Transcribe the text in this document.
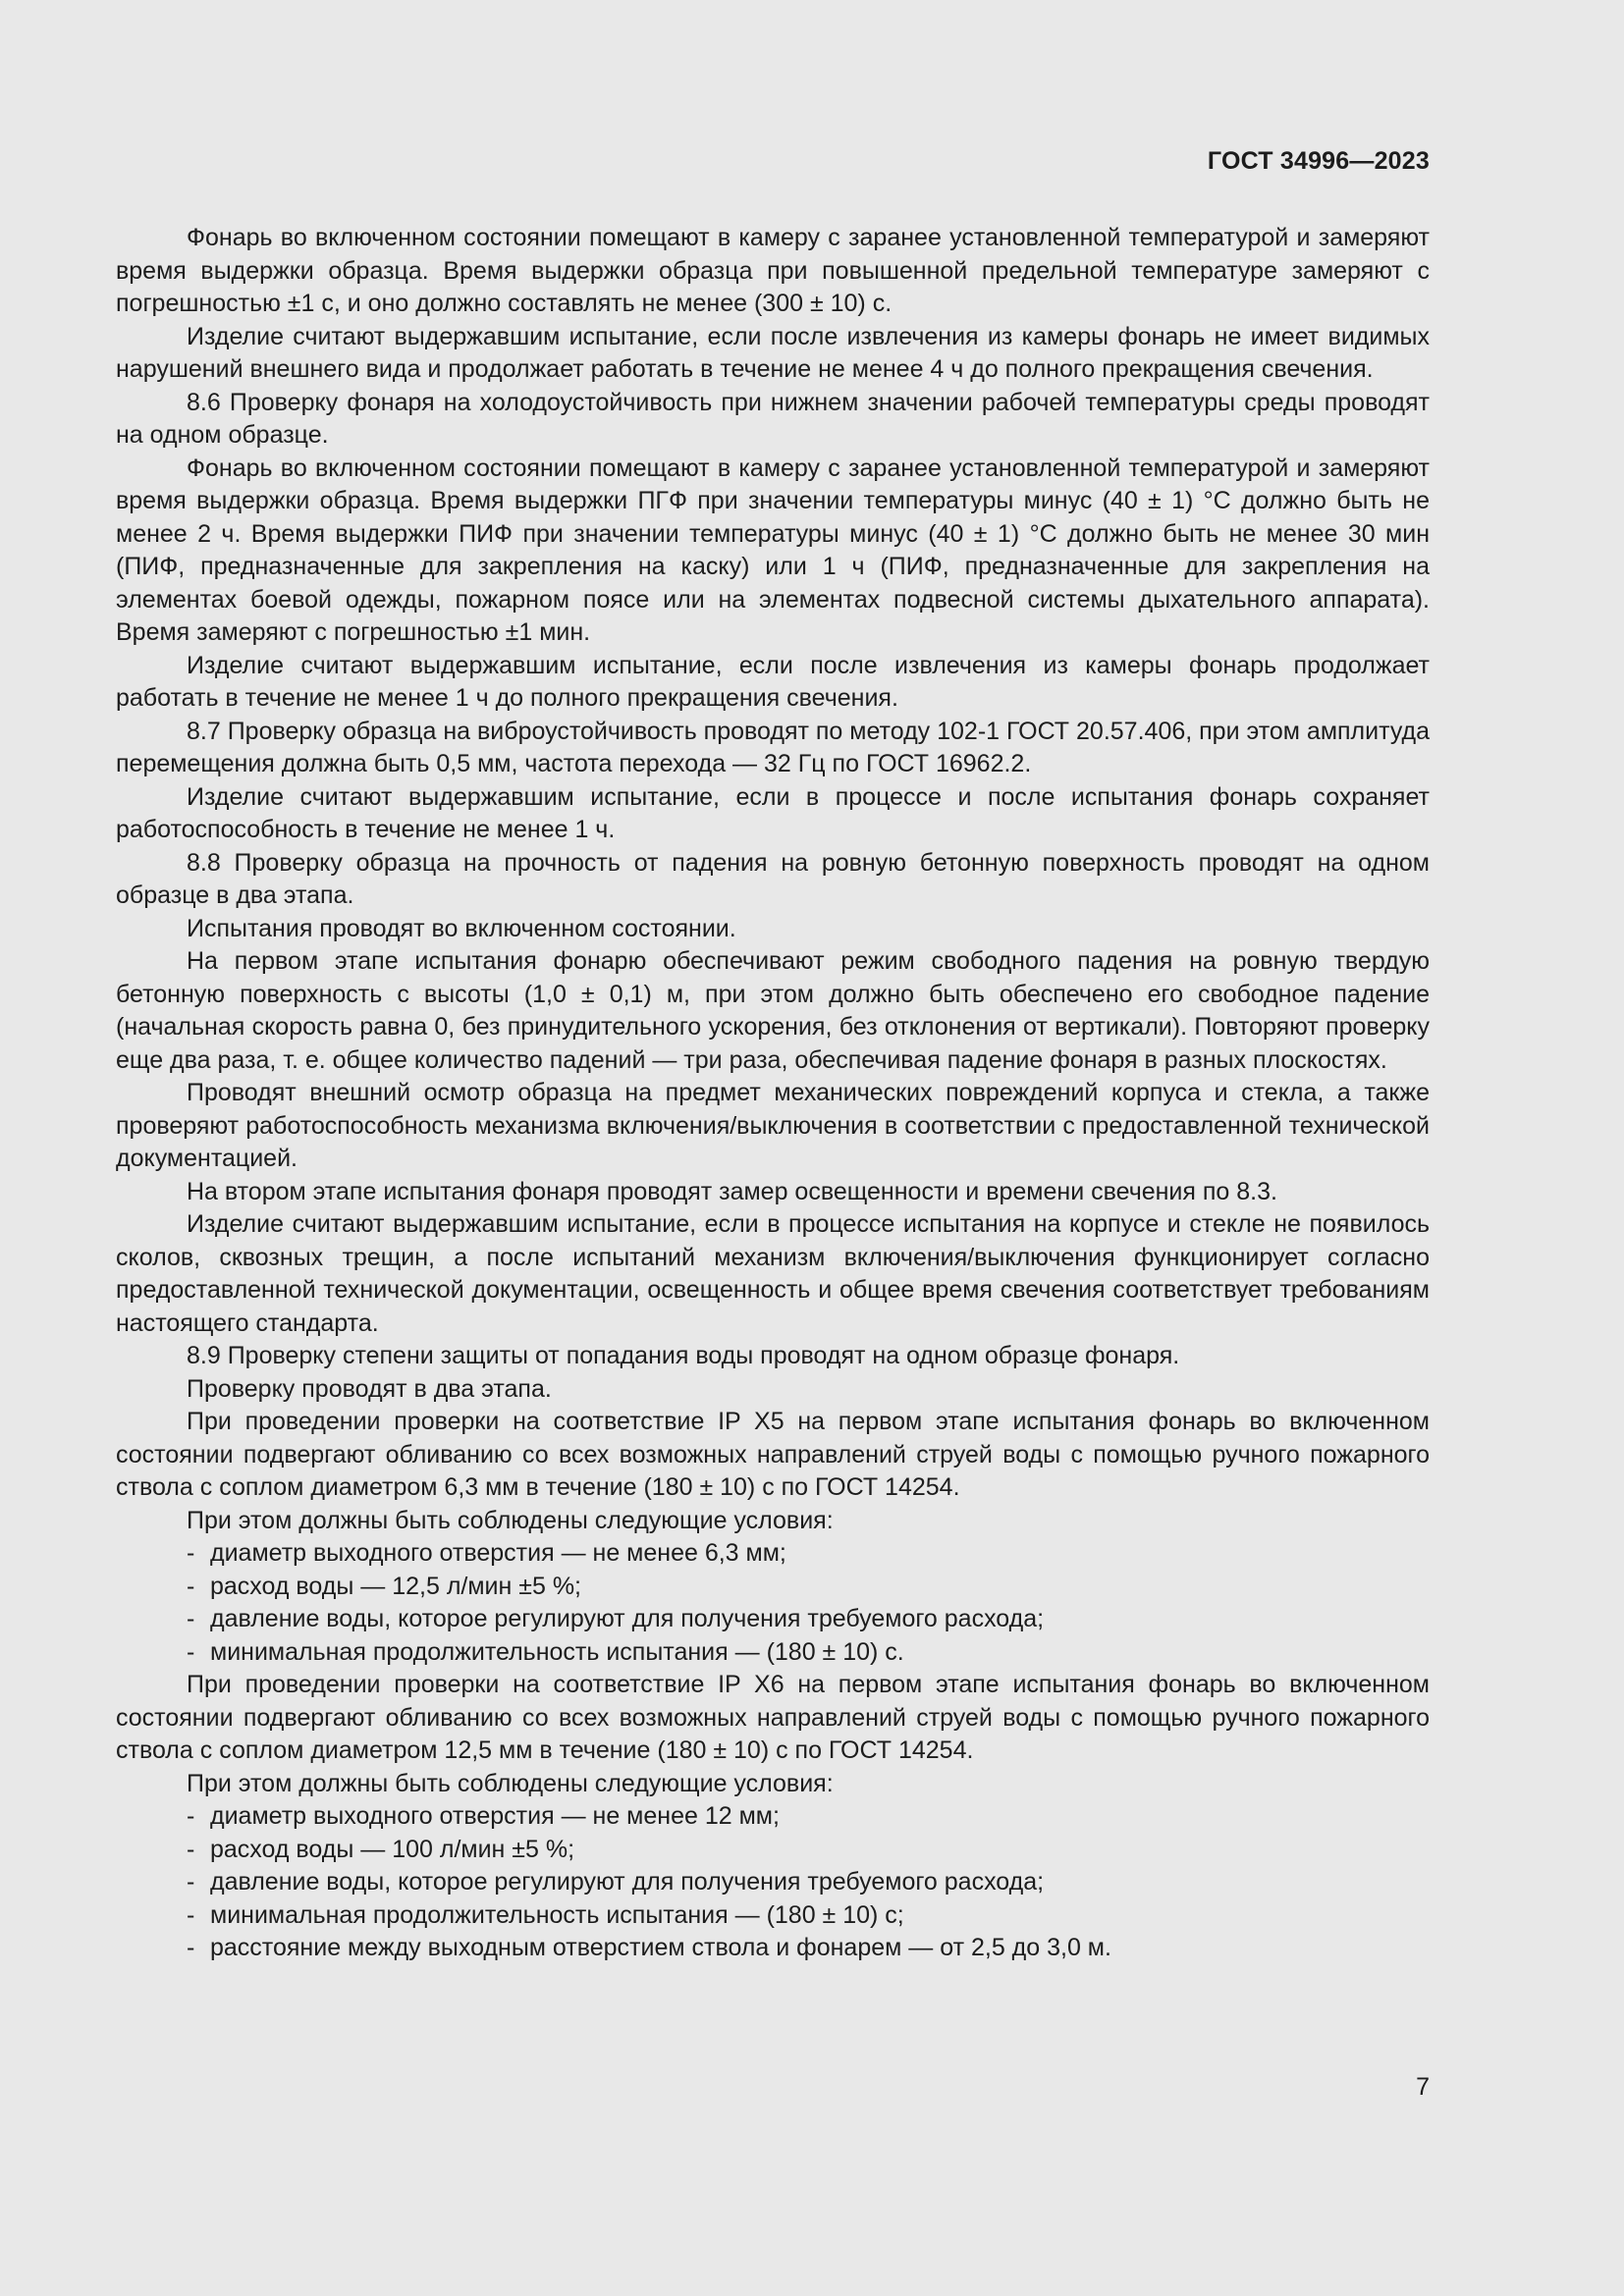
ГОСТ 34996—2023

Фонарь во включенном состоянии помещают в камеру с заранее установленной температурой и замеряют время выдержки образца. Время выдержки образца при повышенной предельной температуре замеряют с погрешностью ±1 с, и оно должно составлять не менее (300 ± 10) с.

Изделие считают выдержавшим испытание, если после извлечения из камеры фонарь не имеет видимых нарушений внешнего вида и продолжает работать в течение не менее 4 ч до полного прекращения свечения.

8.6 Проверку фонаря на холодоустойчивость при нижнем значении рабочей температуры среды проводят на одном образце.

Фонарь во включенном состоянии помещают в камеру с заранее установленной температурой и замеряют время выдержки образца. Время выдержки ПГФ при значении температуры минус (40 ± 1) °С должно быть не менее 2 ч. Время выдержки ПИФ при значении температуры минус (40 ± 1) °С должно быть не менее 30 мин (ПИФ, предназначенные для закрепления на каску) или 1 ч (ПИФ, предназначенные для закрепления на элементах боевой одежды, пожарном поясе или на элементах подвесной системы дыхательного аппарата). Время замеряют с погрешностью ±1 мин.

Изделие считают выдержавшим испытание, если после извлечения из камеры фонарь продолжает работать в течение не менее 1 ч до полного прекращения свечения.

8.7 Проверку образца на виброустойчивость проводят по методу 102-1 ГОСТ 20.57.406, при этом амплитуда перемещения должна быть 0,5 мм, частота перехода — 32 Гц по ГОСТ 16962.2.

Изделие считают выдержавшим испытание, если в процессе и после испытания фонарь сохраняет работоспособность в течение не менее 1 ч.

8.8 Проверку образца на прочность от падения на ровную бетонную поверхность проводят на одном образце в два этапа.

Испытания проводят во включенном состоянии.

На первом этапе испытания фонарю обеспечивают режим свободного падения на ровную твердую бетонную поверхность с высоты (1,0 ± 0,1) м, при этом должно быть обеспечено его свободное падение (начальная скорость равна 0, без принудительного ускорения, без отклонения от вертикали). Повторяют проверку еще два раза, т. е. общее количество падений — три раза, обеспечивая падение фонаря в разных плоскостях.

Проводят внешний осмотр образца на предмет механических повреждений корпуса и стекла, а также проверяют работоспособность механизма включения/выключения в соответствии с предоставленной технической документацией.

На втором этапе испытания фонаря проводят замер освещенности и времени свечения по 8.3.

Изделие считают выдержавшим испытание, если в процессе испытания на корпусе и стекле не появилось сколов, сквозных трещин, а после испытаний механизм включения/выключения функционирует согласно предоставленной технической документации, освещенность и общее время свечения соответствует требованиям настоящего стандарта.

8.9 Проверку степени защиты от попадания воды проводят на одном образце фонаря.

Проверку проводят в два этапа.

При проведении проверки на соответствие IP X5 на первом этапе испытания фонарь во включенном состоянии подвергают обливанию со всех возможных направлений струей воды с помощью ручного пожарного ствола с соплом диаметром 6,3 мм в течение (180 ± 10) с по ГОСТ 14254.

При этом должны быть соблюдены следующие условия:

- диаметр выходного отверстия — не менее 6,3 мм;

- расход воды — 12,5 л/мин ±5 %;

- давление воды, которое регулируют для получения требуемого расхода;

- минимальная продолжительность испытания — (180 ± 10) с.

При проведении проверки на соответствие IP X6 на первом этапе испытания фонарь во включенном состоянии подвергают обливанию со всех возможных направлений струей воды с помощью ручного пожарного ствола с соплом диаметром 12,5 мм в течение (180 ± 10) с по ГОСТ 14254.

При этом должны быть соблюдены следующие условия:

- диаметр выходного отверстия — не менее 12 мм;

- расход воды — 100 л/мин ±5 %;

- давление воды, которое регулируют для получения требуемого расхода;

- минимальная продолжительность испытания — (180 ± 10) с;

- расстояние между выходным отверстием ствола и фонарем — от 2,5 до 3,0 м.

7
